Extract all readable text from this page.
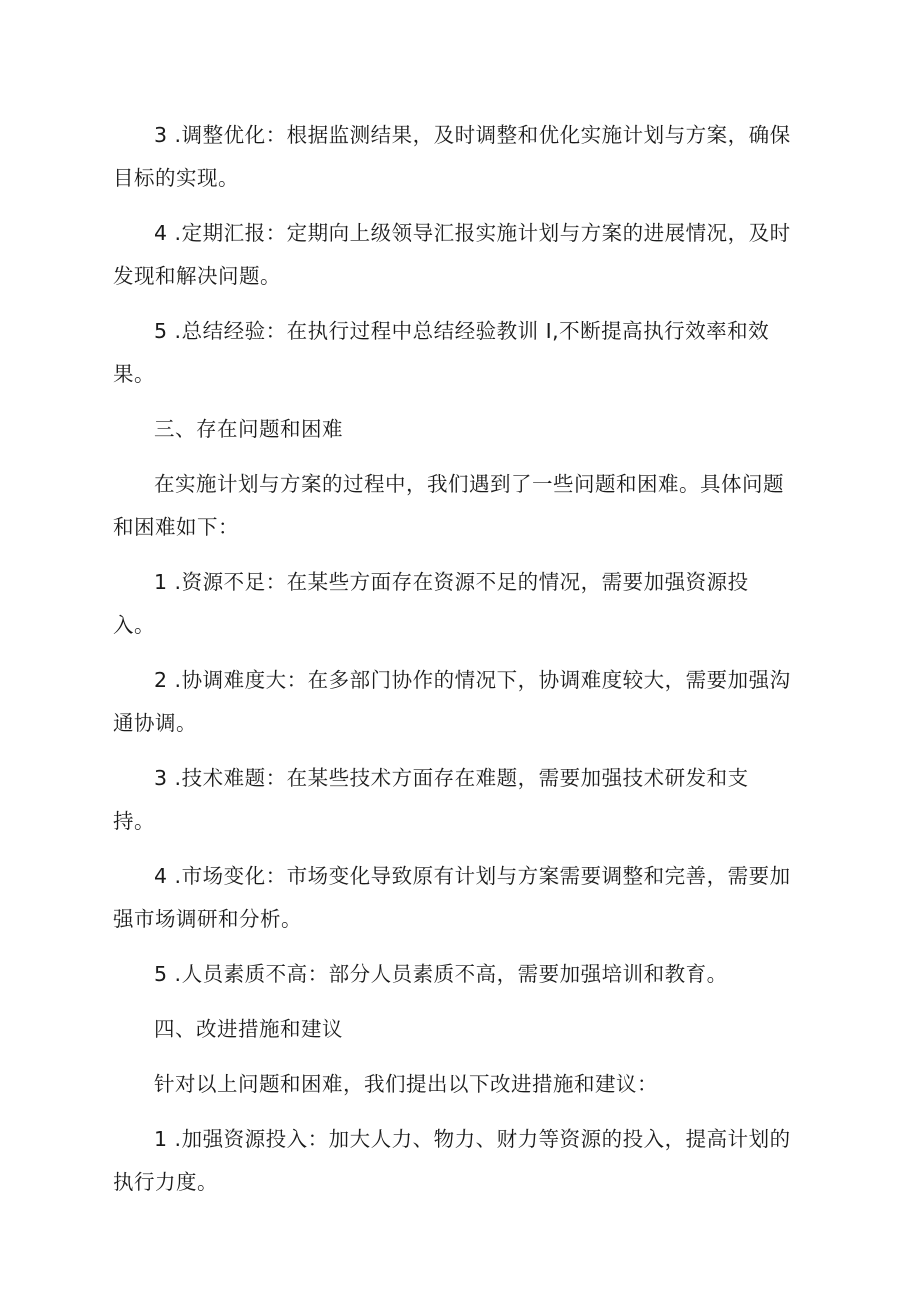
3 .调整优化：根据监测结果，及时调整和优化实施计划与方案，确保
目标的实现。

4 .定期汇报：定期向上级领导汇报实施计划与方案的进展情况，及时
发现和解决问题。

5 .总结经验：在执行过程中总结经验教训 I,不断提高执行效率和效
果。

三、存在问题和困难

在实施计划与方案的过程中，我们遇到了一些问题和困难。具体问题
和困难如下：

1 .资源不足：在某些方面存在资源不足的情况，需要加强资源投
入。

2 .协调难度大：在多部门协作的情况下，协调难度较大，需要加强沟
通协调。

3 .技术难题：在某些技术方面存在难题，需要加强技术研发和支
持。

4 .市场变化：市场变化导致原有计划与方案需要调整和完善，需要加
强市场调研和分析。

5 .人员素质不高：部分人员素质不高，需要加强培训和教育。

四、改进措施和建议

针对以上问题和困难，我们提出以下改进措施和建议：

1 .加强资源投入：加大人力、物力、财力等资源的投入，提高计划的
执行力度。
